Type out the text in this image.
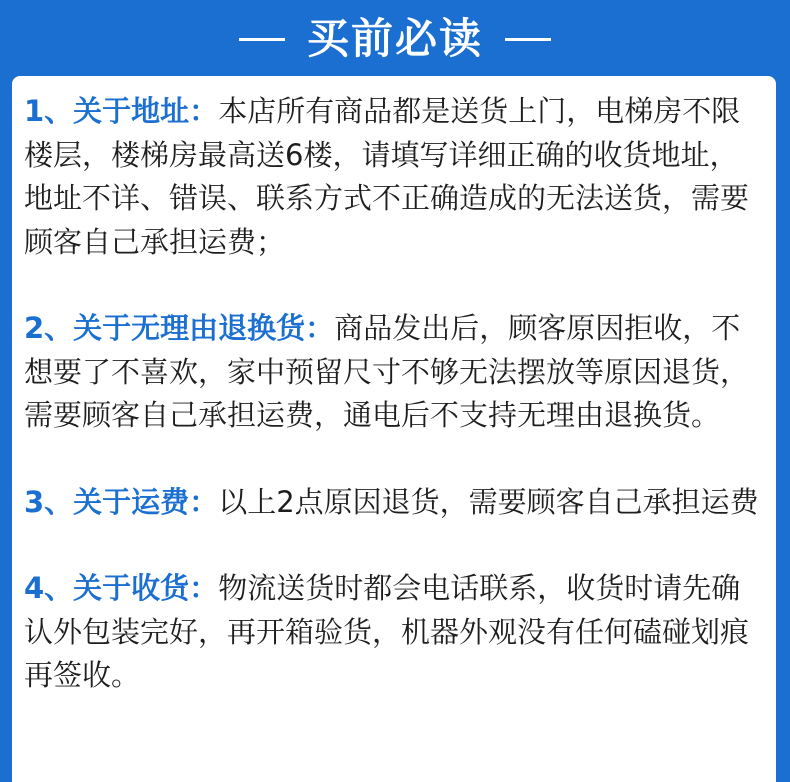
买前必读
1、关于地址：本店所有商品都是送货上门，电梯房不限楼层，楼梯房最高送6楼，请填写详细正确的收货地址，地址不详、错误、联系方式不正确造成的无法送货，需要顾客自己承担运费；
2、关于无理由退换货：商品发出后，顾客原因拒收，不想要了不喜欢，家中预留尺寸不够无法摆放等原因退货，需要顾客自己承担运费，通电后不支持无理由退换货。
3、关于运费：以上2点原因退货，需要顾客自己承担运费
4、关于收货：物流送货时都会电话联系，收货时请先确认外包装完好，再开箱验货，机器外观没有任何磕碰划痕再签收。
